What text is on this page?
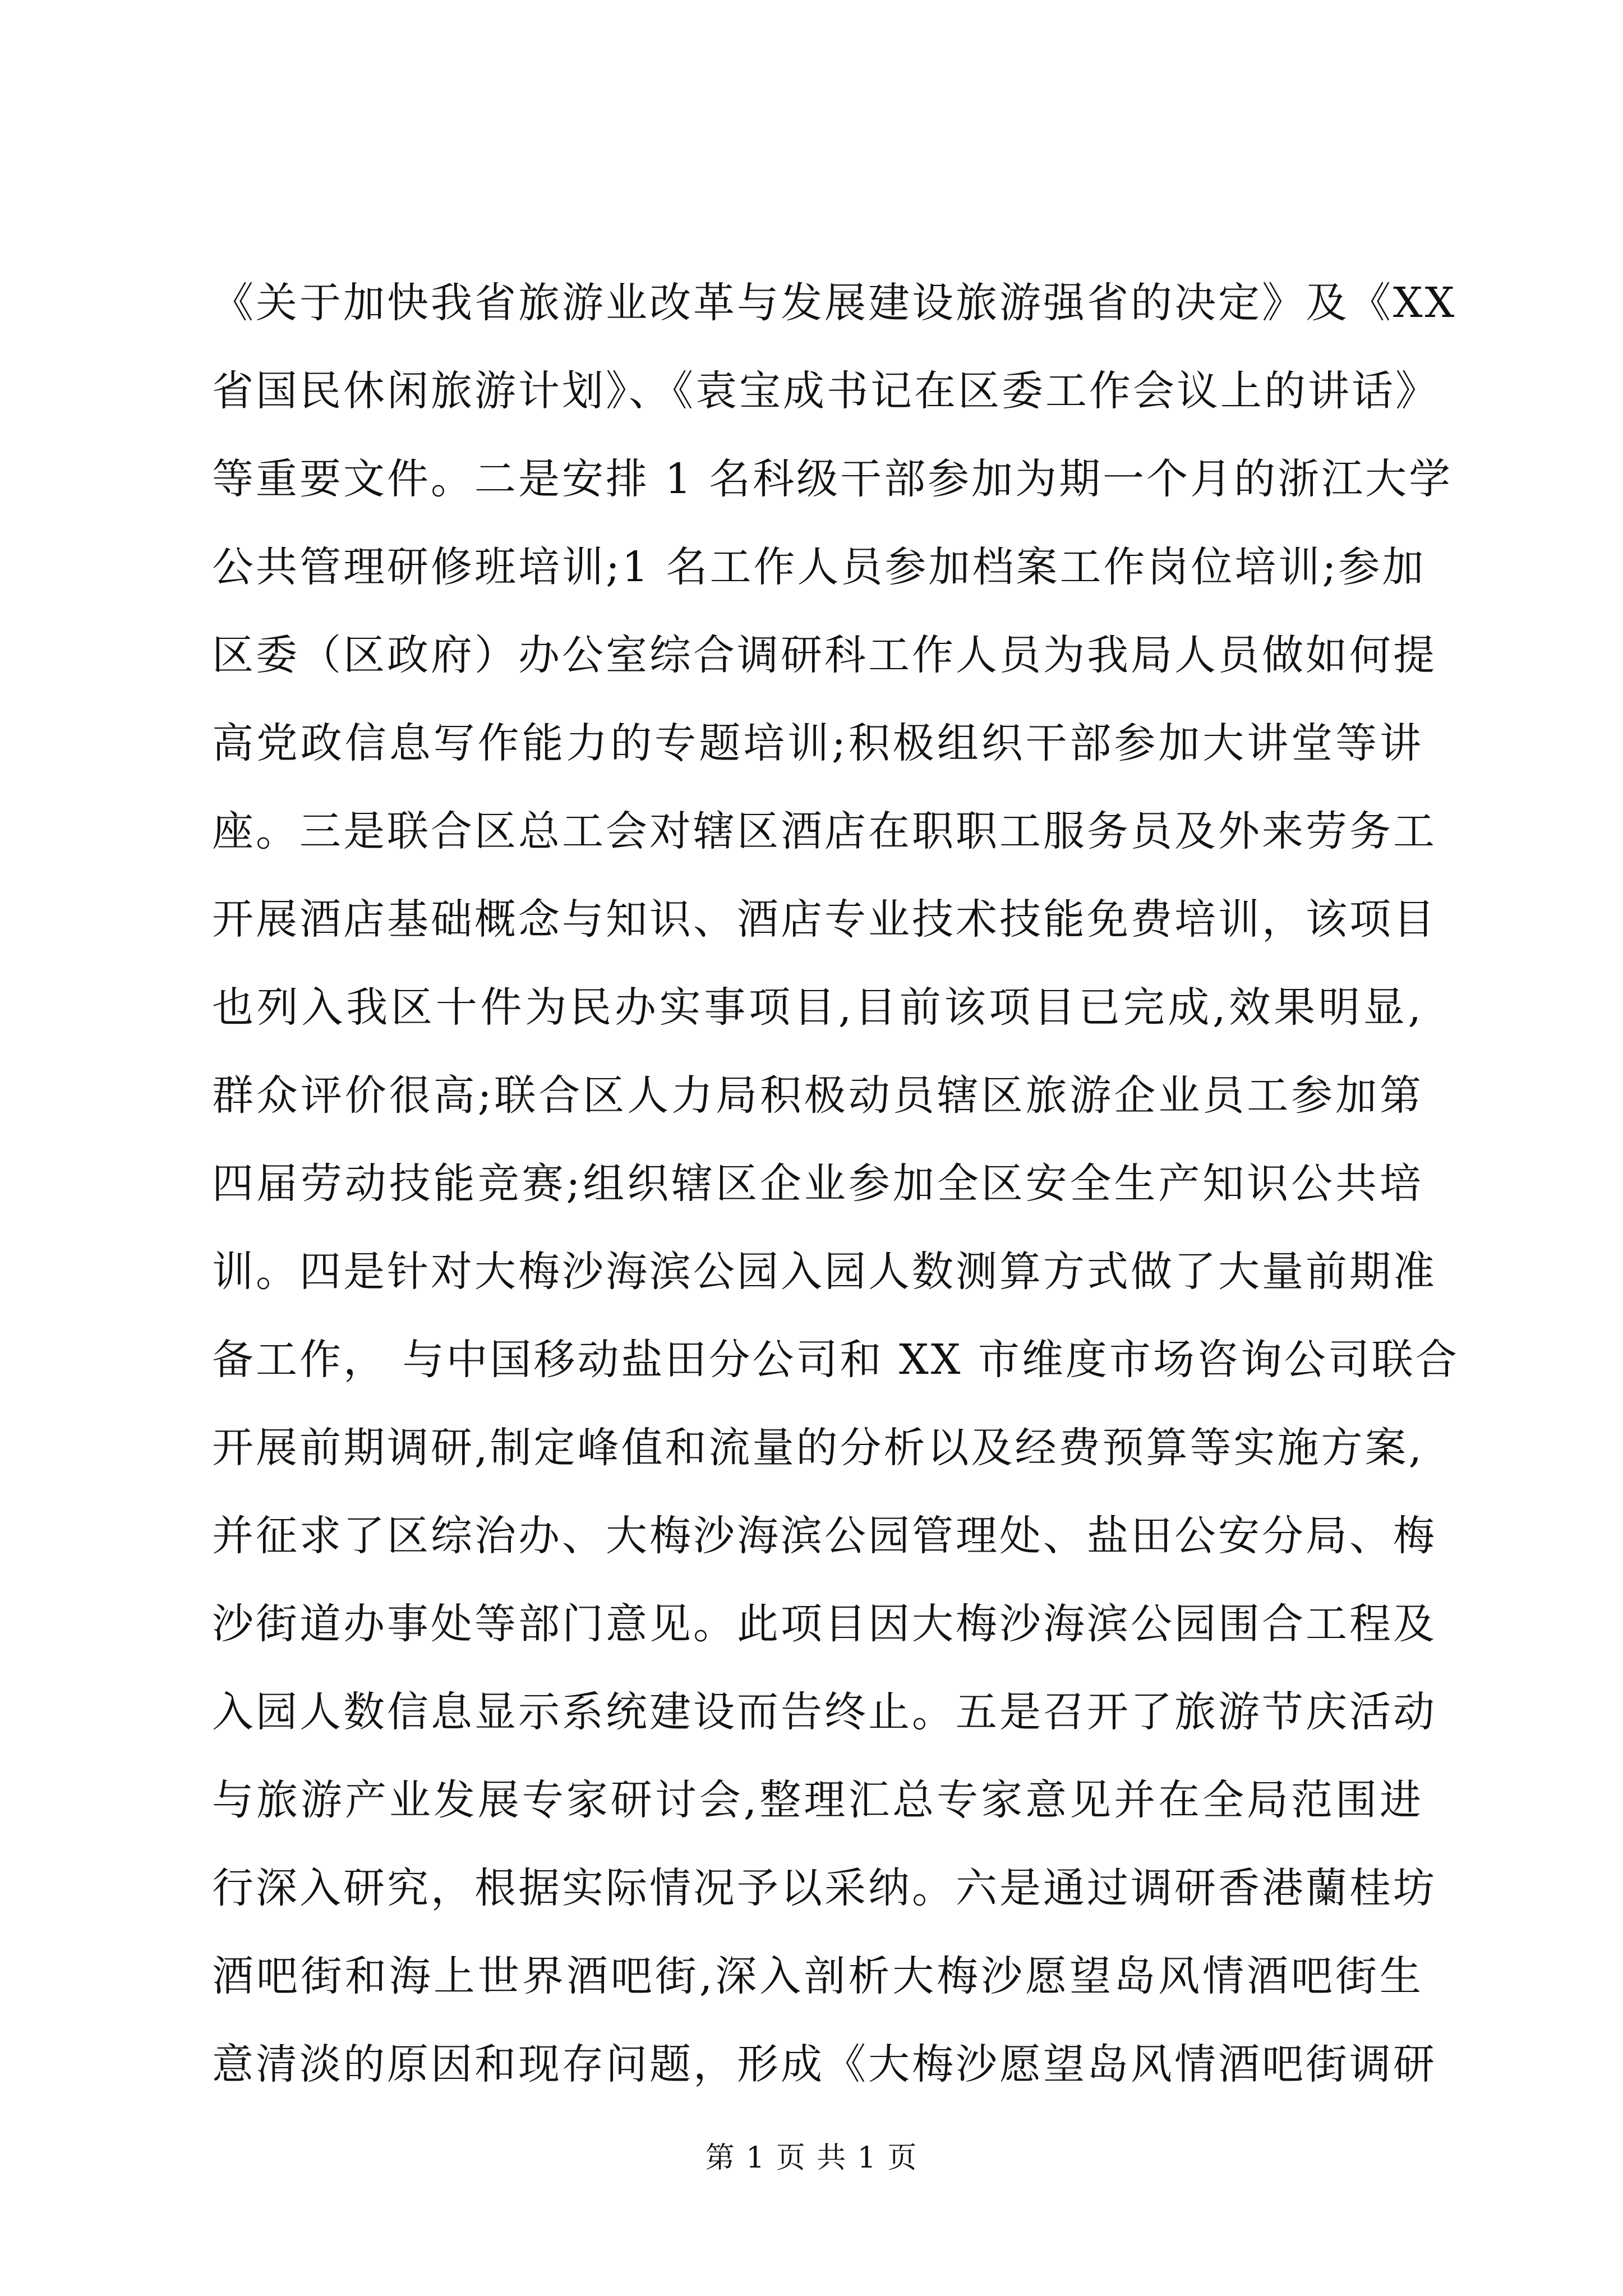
《关于加快我省旅游业改革与发展建设旅游强省的决定》及《XX
省国民休闲旅游计划》、《袁宝成书记在区委工作会议上的讲话》
等重要文件。二是安排 1 名科级干部参加为期一个月的浙江大学
公共管理研修班培训;1 名工作人员参加档案工作岗位培训;参加
区委（区政府）办公室综合调研科工作人员为我局人员做如何提
高党政信息写作能力的专题培训;积极组织干部参加大讲堂等讲
座。三是联合区总工会对辖区酒店在职职工服务员及外来劳务工
开展酒店基础概念与知识、酒店专业技术技能免费培训，该项目
也列入我区十件为民办实事项目,目前该项目已完成,效果明显,
群众评价很高;联合区人力局积极动员辖区旅游企业员工参加第
四届劳动技能竞赛;组织辖区企业参加全区安全生产知识公共培
训。四是针对大梅沙海滨公园入园人数测算方式做了大量前期准
备工作， 与中国移动盐田分公司和 XX 市维度市场咨询公司联合
开展前期调研,制定峰值和流量的分析以及经费预算等实施方案,
并征求了区综治办、大梅沙海滨公园管理处、盐田公安分局、梅
沙街道办事处等部门意见。此项目因大梅沙海滨公园围合工程及
入园人数信息显示系统建设而告终止。五是召开了旅游节庆活动
与旅游产业发展专家研讨会,整理汇总专家意见并在全局范围进
行深入研究，根据实际情况予以采纳。六是通过调研香港蘭桂坊
酒吧街和海上世界酒吧街,深入剖析大梅沙愿望岛风情酒吧街生
意清淡的原因和现存问题，形成《大梅沙愿望岛风情酒吧街调研
第 1 页 共 1 页
